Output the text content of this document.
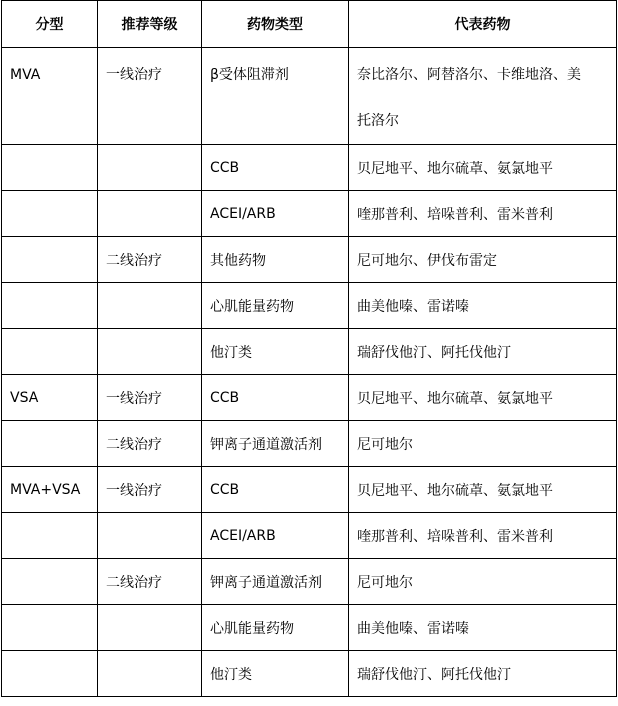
分型	推荐等级	药物类型	代表药物
MVA	一线治疗	β受体阻滞剂	奈比洛尔、阿替洛尔、卡维地洛、美
托洛尔

		CCB	贝尼地平、地尔硫䓬、氨氯地平
		ACEI/ARB	喹那普利、培哚普利、雷米普利
	二线治疗	其他药物	尼可地尔、伊伐布雷定
		心肌能量药物	曲美他嗪、雷诺嗪
		他汀类	瑞舒伐他汀、阿托伐他汀
VSA	一线治疗	CCB	贝尼地平、地尔硫䓬、氨氯地平
	二线治疗	钾离子通道激活剂	尼可地尔
MVA+VSA	一线治疗	CCB	贝尼地平、地尔硫䓬、氨氯地平
		ACEI/ARB	喹那普利、培哚普利、雷米普利
	二线治疗	钾离子通道激活剂	尼可地尔
		心肌能量药物	曲美他嗪、雷诺嗪
		他汀类	瑞舒伐他汀、阿托伐他汀
